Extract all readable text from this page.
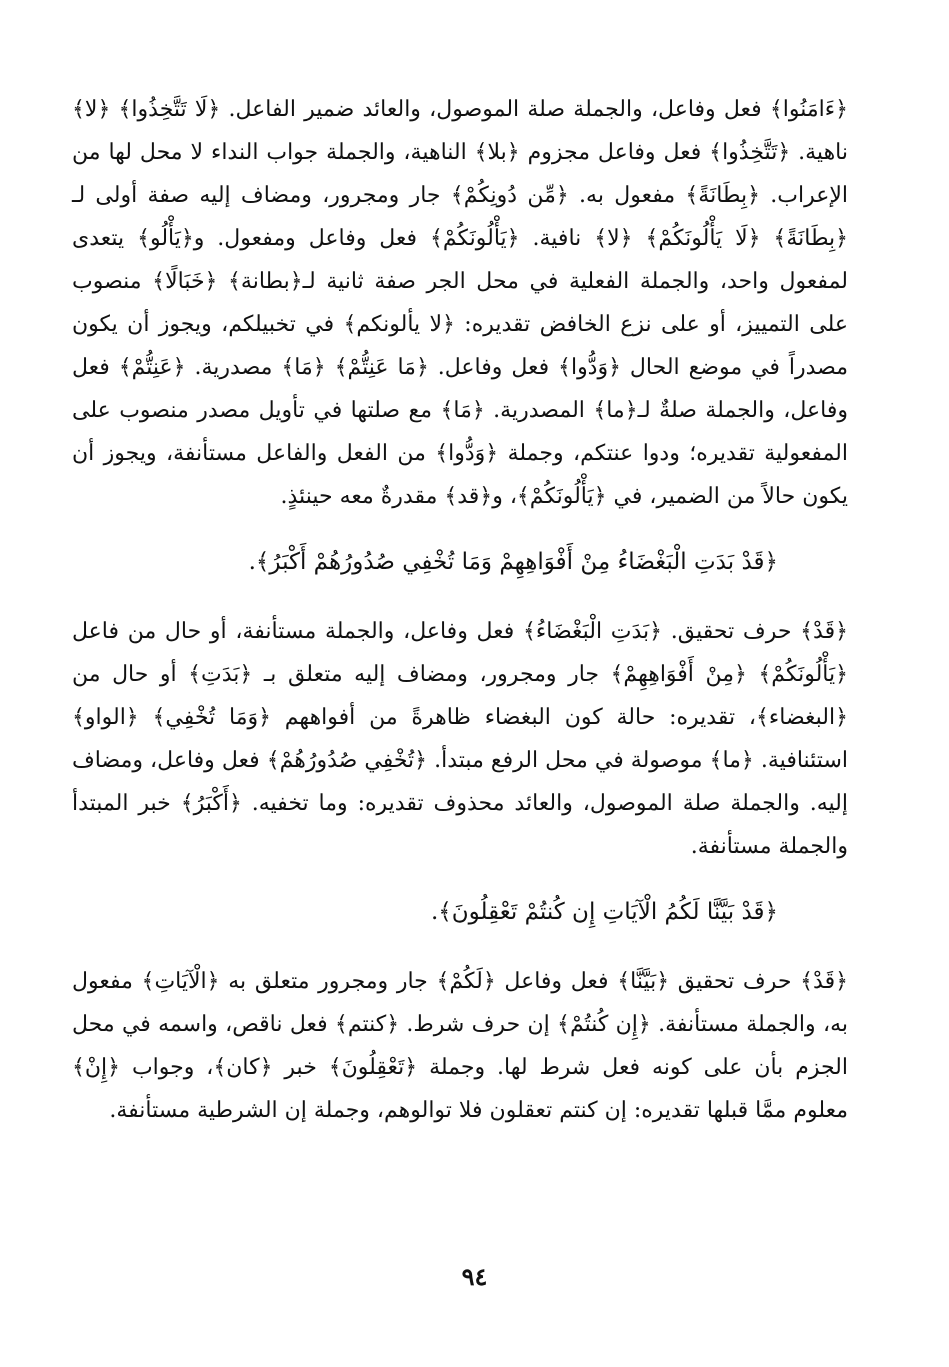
﴿ءَامَنُوا﴾ فعل وفاعل، والجملة صلة الموصول، والعائد ضمير الفاعل. ﴿لَا تَتَّخِذُوا﴾ ﴿لا﴾ ناهية. ﴿تَتَّخِذُوا﴾ فعل وفاعل مجزوم ﴿بلا﴾ الناهية، والجملة جواب النداء لا محل لها من الإعراب. ﴿بِطَانَةً﴾ مفعول به. ﴿مِّن دُونِكُمْ﴾ جار ومجرور، ومضاف إليه صفة أولى لـ ﴿بِطَانَةً﴾ ﴿لَا يَأْلُونَكُمْ﴾ ﴿لا﴾ نافية. ﴿يَأْلُونَكُمْ﴾ فعل وفاعل ومفعول. و﴿يَأْلُو﴾ يتعدى لمفعول واحد، والجملة الفعلية في محل الجر صفة ثانية لـ﴿بطانة﴾ ﴿خَبَالًا﴾ منصوب على التمييز، أو على نزع الخافض تقديره: ﴿لا يألونكم﴾ في تخبيلكم، ويجوز أن يكون مصدراً في موضع الحال ﴿وَدُّوا﴾ فعل وفاعل. ﴿مَا عَنِتُّمْ﴾ ﴿مَا﴾ مصدرية. ﴿عَنِتُّمْ﴾ فعل وفاعل، والجملة صلةٌ لـ﴿ما﴾ المصدرية. ﴿مَا﴾ مع صلتها في تأويل مصدر منصوب على المفعولية تقديره؛ ودوا عنتكم، وجملة ﴿وَدُّوا﴾ من الفعل والفاعل مستأنفة، ويجوز أن يكون حالاً من الضمير، في ﴿يَأْلُونَكُمْ﴾، و﴿قد﴾ مقدرةٌ معه حينئذٍ.

﴿قَدْ بَدَتِ الْبَغْضَاءُ مِنْ أَفْوَاهِهِمْ وَمَا تُخْفِي صُدُورُهُمْ أَكْبَرُ﴾.

﴿قَدْ﴾ حرف تحقيق. ﴿بَدَتِ الْبَغْضَاءُ﴾ فعل وفاعل، والجملة مستأنفة، أو حال من فاعل ﴿يَأْلُونَكُمْ﴾ ﴿مِنْ أَفْوَاهِهِمْ﴾ جار ومجرور، ومضاف إليه متعلق بـ ﴿بَدَتِ﴾ أو حال من ﴿البغضاء﴾، تقديره: حالة كون البغضاء ظاهرةً من أفواههم ﴿وَمَا تُخْفِي﴾ ﴿الواو﴾ استئنافية. ﴿ما﴾ موصولة في محل الرفع مبتدأ. ﴿تُخْفِي صُدُورُهُمْ﴾ فعل وفاعل، ومضاف إليه. والجملة صلة الموصول، والعائد محذوف تقديره: وما تخفيه. ﴿أَكْبَرُ﴾ خبر المبتدأ والجملة مستأنفة.

﴿قَدْ بَيَّنَّا لَكُمُ الْآيَاتِ إِن كُنتُمْ تَعْقِلُونَ﴾.

﴿قَدْ﴾ حرف تحقيق ﴿بَيَّنَّا﴾ فعل وفاعل ﴿لَكُمْ﴾ جار ومجرور متعلق به ﴿الْآيَاتِ﴾ مفعول به، والجملة مستأنفة. ﴿إِن كُنتُمْ﴾ إن حرف شرط. ﴿كنتم﴾ فعل ناقص، واسمه في محل الجزم بأن على كونه فعل شرط لها. وجملة ﴿تَعْقِلُونَ﴾ خبر ﴿كان﴾، وجواب ﴿إِنْ﴾ معلوم ممَّا قبلها تقديره: إن كنتم تعقلون فلا توالوهم، وجملة إن الشرطية مستأنفة.

٩٤
